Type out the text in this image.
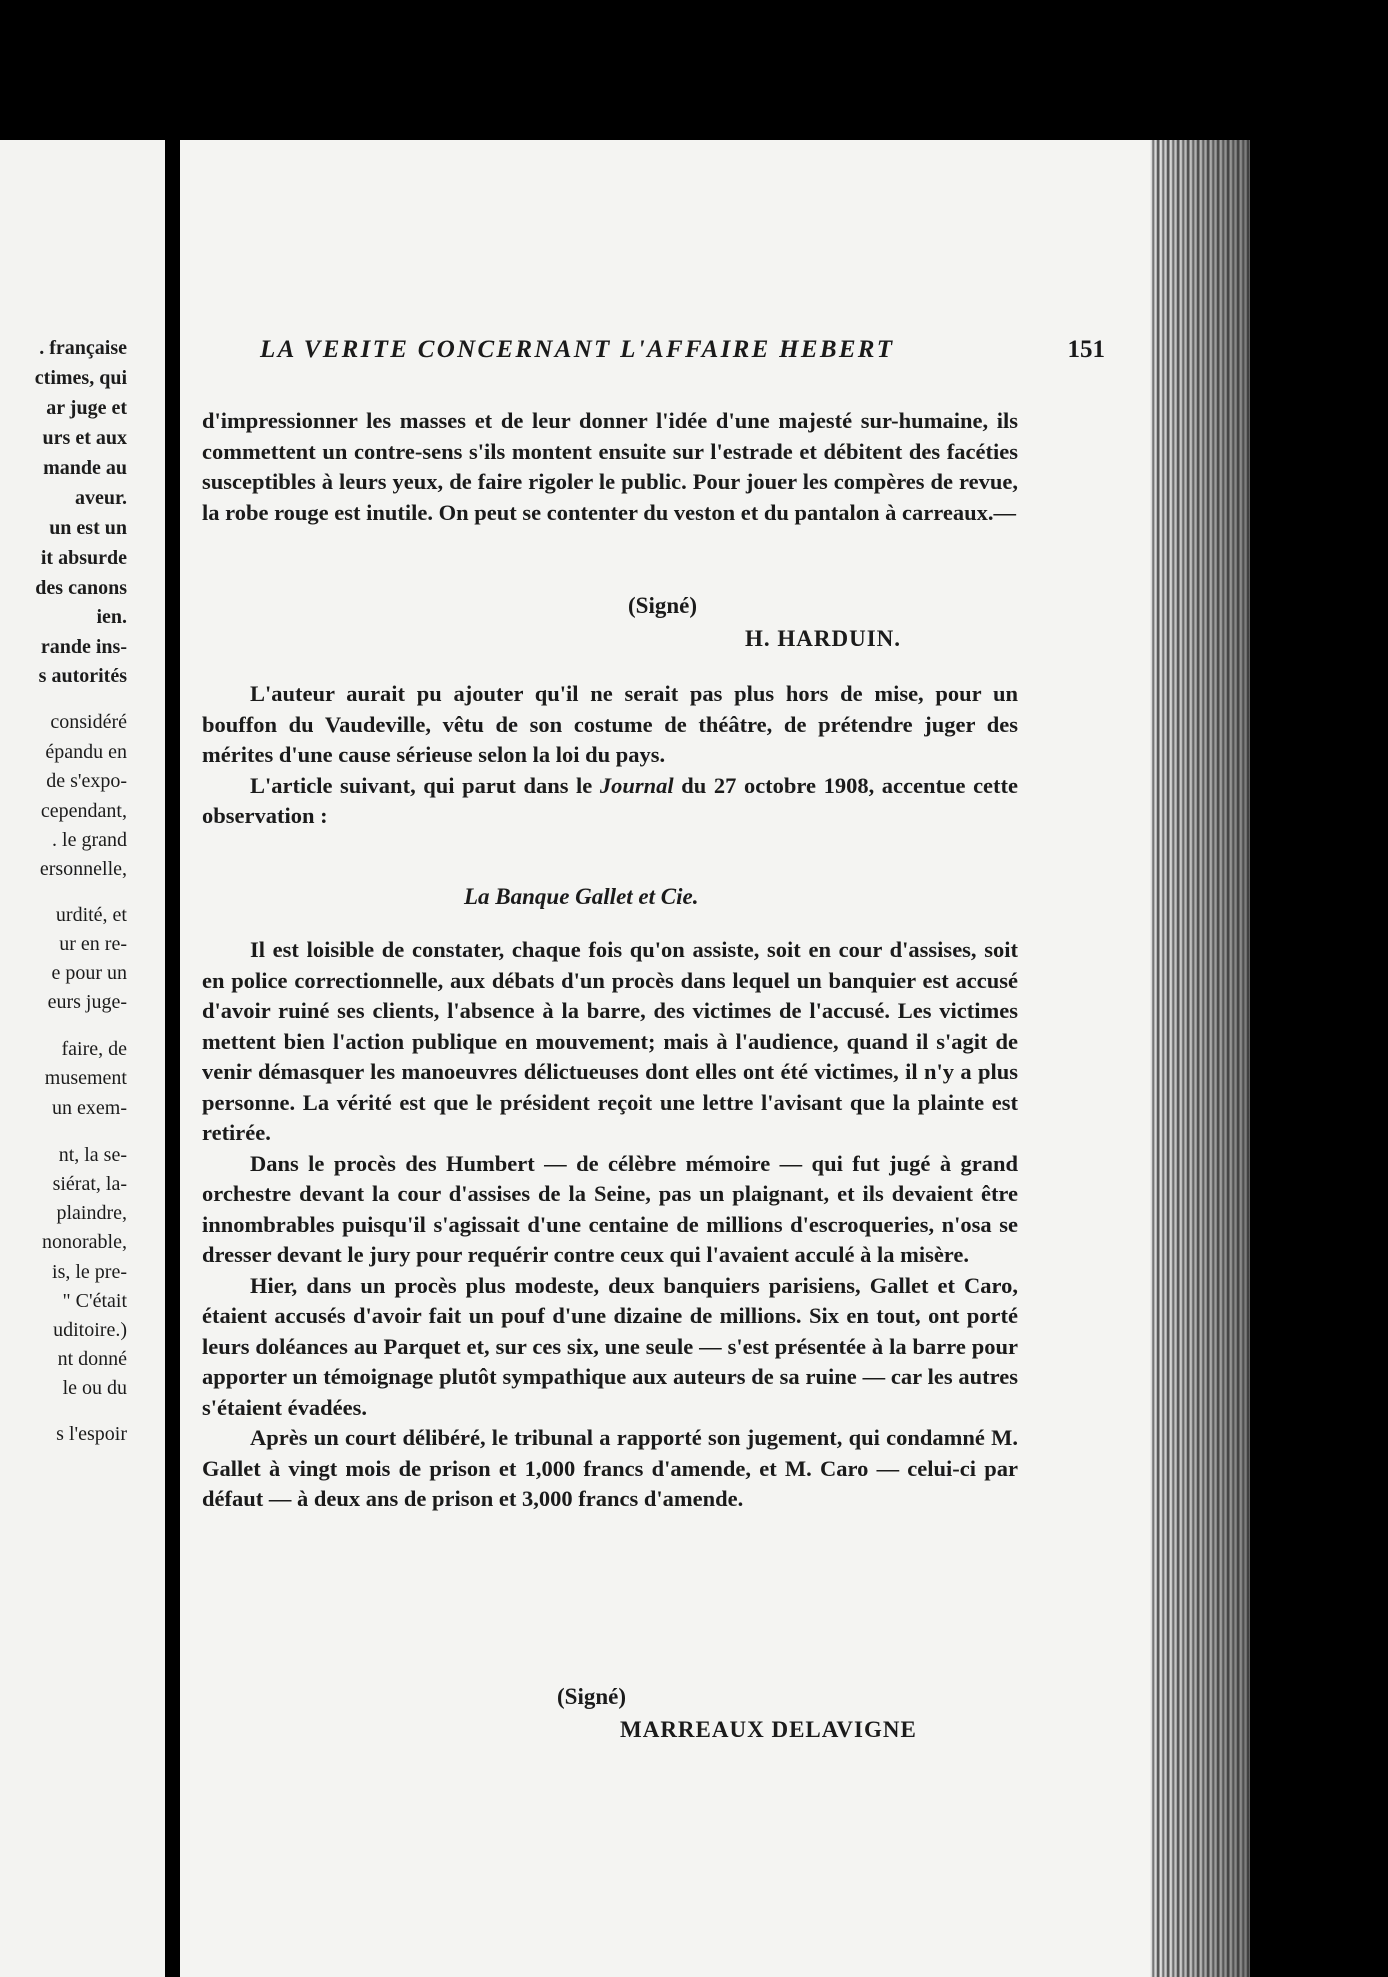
. française
ctimes, qui
ar juge et
urs et aux
mande au
aveur.
un est un
it absurde
des canons
ien.
rande ins-
s autorités
considéré
épandu en
de s'expo-
cependant,
. le grand
ersonnelle,
urdité, et
ur en re-
e pour un
eurs juge-
faire, de
musement
un exem-
nt, la se-
siérat, la-
plaindre,
nonorable,
is, le pre-
" C'était
uditoire.)
nt donné
le ou du
s l'espoir
LA VERITE CONCERNANT L'AFFAIRE HEBERT	151

d'impressionner les masses et de leur donner l'idée d'une majesté sur-humaine, ils commettent un contre-sens s'ils montent ensuite sur l'estrade et débitent des facéties susceptibles à leurs yeux, de faire rigoler le public. Pour jouer les compères de revue, la robe rouge est inutile. On peut se contenter du veston et du pantalon à carreaux.—

(Signé)
H. HARDUIN.

L'auteur aurait pu ajouter qu'il ne serait pas plus hors de mise, pour un bouffon du Vaudeville, vêtu de son costume de théâtre, de prétendre juger des mérites d'une cause sérieuse selon la loi du pays.

L'article suivant, qui parut dans le Journal du 27 octobre 1908, accentue cette observation :

La Banque Gallet et Cie.

Il est loisible de constater, chaque fois qu'on assiste, soit en cour d'assises, soit en police correctionnelle, aux débats d'un procès dans lequel un banquier est accusé d'avoir ruiné ses clients, l'absence à la barre, des victimes de l'accusé. Les victimes mettent bien l'action publique en mouvement; mais à l'audience, quand il s'agit de venir démasquer les manoeuvres délictueuses dont elles ont été victimes, il n'y a plus personne. La vérité est que le président reçoit une lettre l'avisant que la plainte est retirée.

Dans le procès des Humbert — de célèbre mémoire — qui fut jugé à grand orchestre devant la cour d'assises de la Seine, pas un plaignant, et ils devaient être innombrables puisqu'il s'agissait d'une centaine de millions d'escroqueries, n'osa se dresser devant le jury pour requérir contre ceux qui l'avaient acculé à la misère.

Hier, dans un procès plus modeste, deux banquiers parisiens, Gallet et Caro, étaient accusés d'avoir fait un pouf d'une dizaine de millions. Six en tout, ont porté leurs doléances au Parquet et, sur ces six, une seule — s'est présentée à la barre pour apporter un témoignage plutôt sympathique aux auteurs de sa ruine — car les autres s'étaient évadées.

Après un court délibéré, le tribunal a rapporté son jugement, qui condamné M. Gallet à vingt mois de prison et 1,000 francs d'amende, et M. Caro — celui-ci par défaut — à deux ans de prison et 3,000 francs d'amende.

(Signé)
MARREAUX DELAVIGNE
